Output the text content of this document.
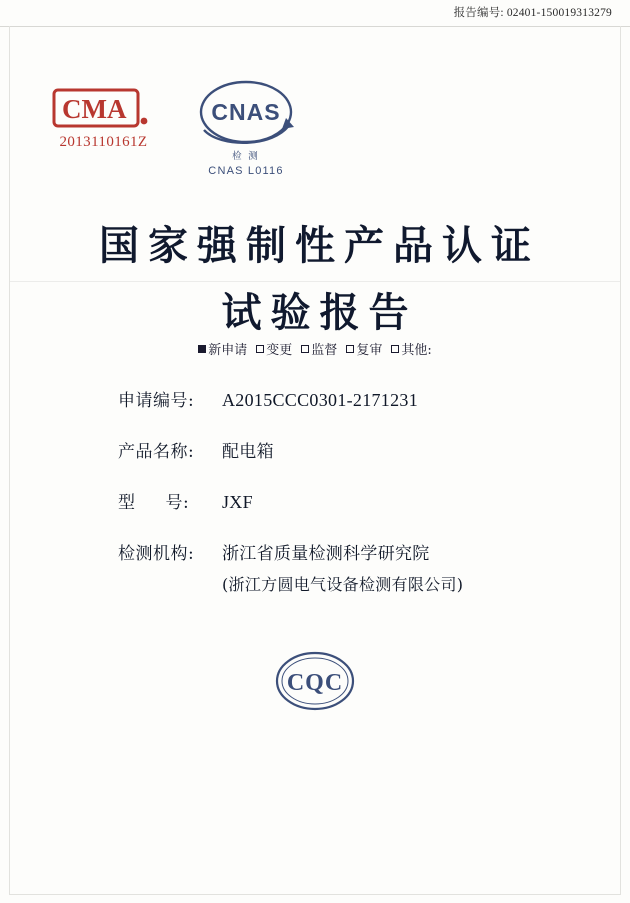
报告编号: 02401-150019313279
CMA
2013110161Z
CNAS
检 测
CNAS L0116
国家强制性产品认证
试验报告
新申请 变更 监督 复审 其他:
申请编号:	A2015CCC0301-2171231
产品名称:	配电箱
型 号:	JXF
检测机构:	浙江省质量检测科学研究院
(浙江方圆电气设备检测有限公司)
CQC
